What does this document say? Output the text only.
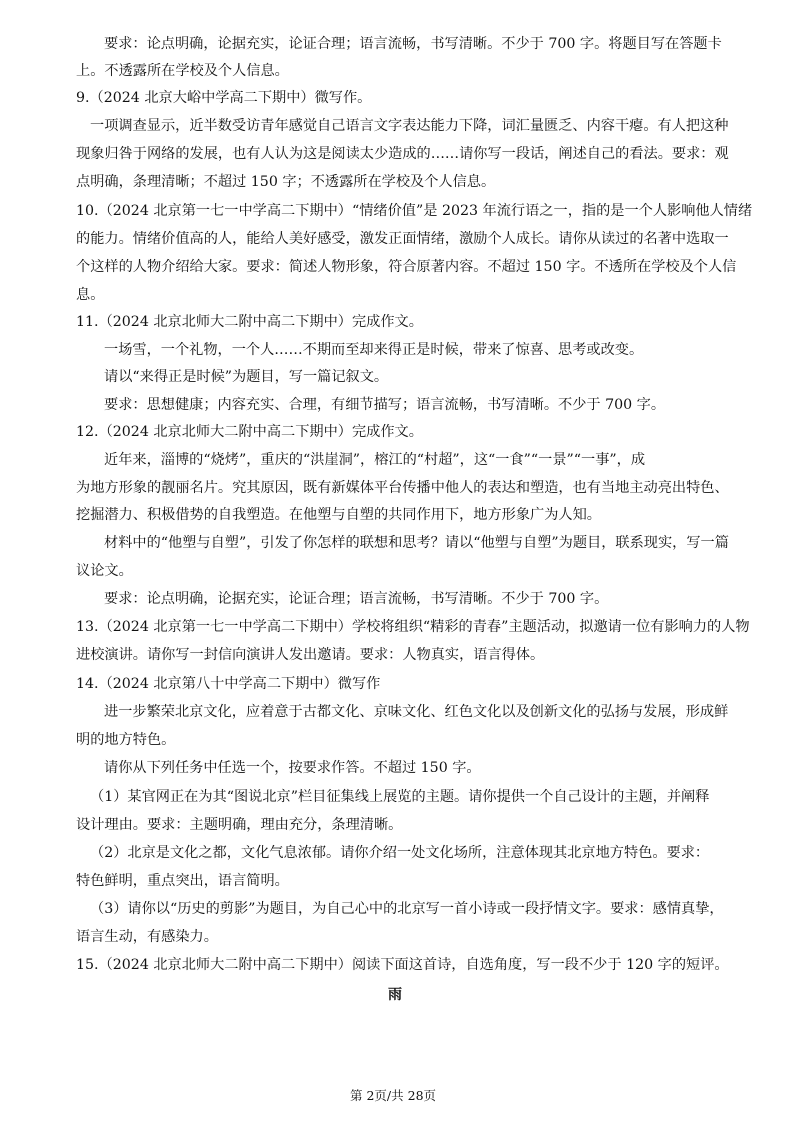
要求：论点明确，论据充实，论证合理；语言流畅，书写清晰。不少于 700 字。将题目写在答题卡
上。不透露所在学校及个人信息。
9.（2024 北京大峪中学高二下期中）微写作。
一项调查显示，近半数受访青年感觉自己语言文字表达能力下降，词汇量匮乏、内容干瘪。有人把这种
现象归咎于网络的发展，也有人认为这是阅读太少造成的……请你写一段话，阐述自己的看法。要求：观
点明确，条理清晰；不超过 150 字；不透露所在学校及个人信息。
10.（2024 北京第一七一中学高二下期中）“情绪价值”是 2023 年流行语之一，指的是一个人影响他人情绪
的能力。情绪价值高的人，能给人美好感受，激发正面情绪，激励个人成长。请你从读过的名著中选取一
个这样的人物介绍给大家。要求：简述人物形象，符合原著内容。不超过 150 字。不透所在学校及个人信
息。
11.（2024 北京北师大二附中高二下期中）完成作文。
一场雪，一个礼物，一个人……不期而至却来得正是时候，带来了惊喜、思考或改变。
请以“来得正是时候”为题目，写一篇记叙文。
要求：思想健康；内容充实、合理，有细节描写；语言流畅，书写清晰。不少于 700 字。
12.（2024 北京北师大二附中高二下期中）完成作文。
近年来，淄博的“烧烤”，重庆的“洪崖洞”，榕江的“村超”，这“一食”“一景”“一事”，成
为地方形象的靓丽名片。究其原因，既有新媒体平台传播中他人的表达和塑造，也有当地主动亮出特色、
挖掘潜力、积极借势的自我塑造。在他塑与自塑的共同作用下，地方形象广为人知。
材料中的“他塑与自塑”，引发了你怎样的联想和思考？请以“他塑与自塑”为题目，联系现实，写一篇
议论文。
要求：论点明确，论据充实，论证合理；语言流畅，书写清晰。不少于 700 字。
13.（2024 北京第一七一中学高二下期中）学校将组织“精彩的青春”主题活动，拟邀请一位有影响力的人物
进校演讲。请你写一封信向演讲人发出邀请。要求：人物真实，语言得体。
14.（2024 北京第八十中学高二下期中）微写作
进一步繁荣北京文化，应着意于古都文化、京味文化、红色文化以及创新文化的弘扬与发展，形成鲜
明的地方特色。
请你从下列任务中任选一个，按要求作答。不超过 150 字。
（1）某官网正在为其“图说北京”栏目征集线上展览的主题。请你提供一个自己设计的主题，并阐释
设计理由。要求：主题明确，理由充分，条理清晰。
（2）北京是文化之都，文化气息浓郁。请你介绍一处文化场所，注意体现其北京地方特色。要求：
特色鲜明，重点突出，语言简明。
（3）请你以“历史的剪影”为题目，为自己心中的北京写一首小诗或一段抒情文字。要求：感情真挚，
语言生动，有感染力。
15.（2024 北京北师大二附中高二下期中）阅读下面这首诗，自选角度，写一段不少于 120 字的短评。
雨
第 2页/共 28页
